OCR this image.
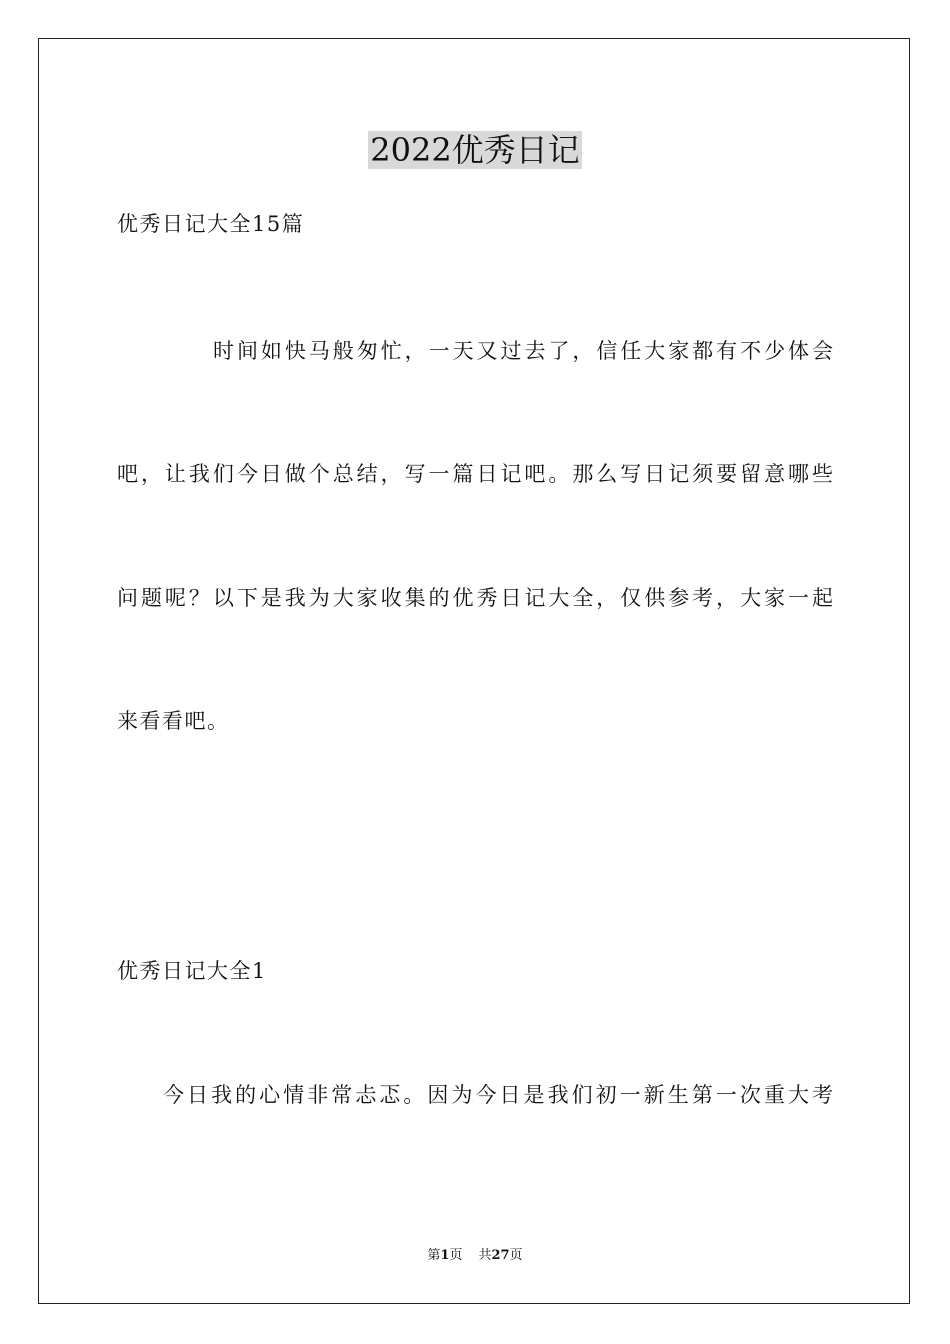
2022优秀日记
优秀日记大全15篇
时间如快马般匆忙，一天又过去了，信任大家都有不少体会
吧，让我们今日做个总结，写一篇日记吧。那么写日记须要留意哪些
问题呢？以下是我为大家收集的优秀日记大全，仅供参考，大家一起
来看看吧。
优秀日记大全1
今日我的心情非常忐忑。因为今日是我们初一新生第一次重大考
第1页 共27页
